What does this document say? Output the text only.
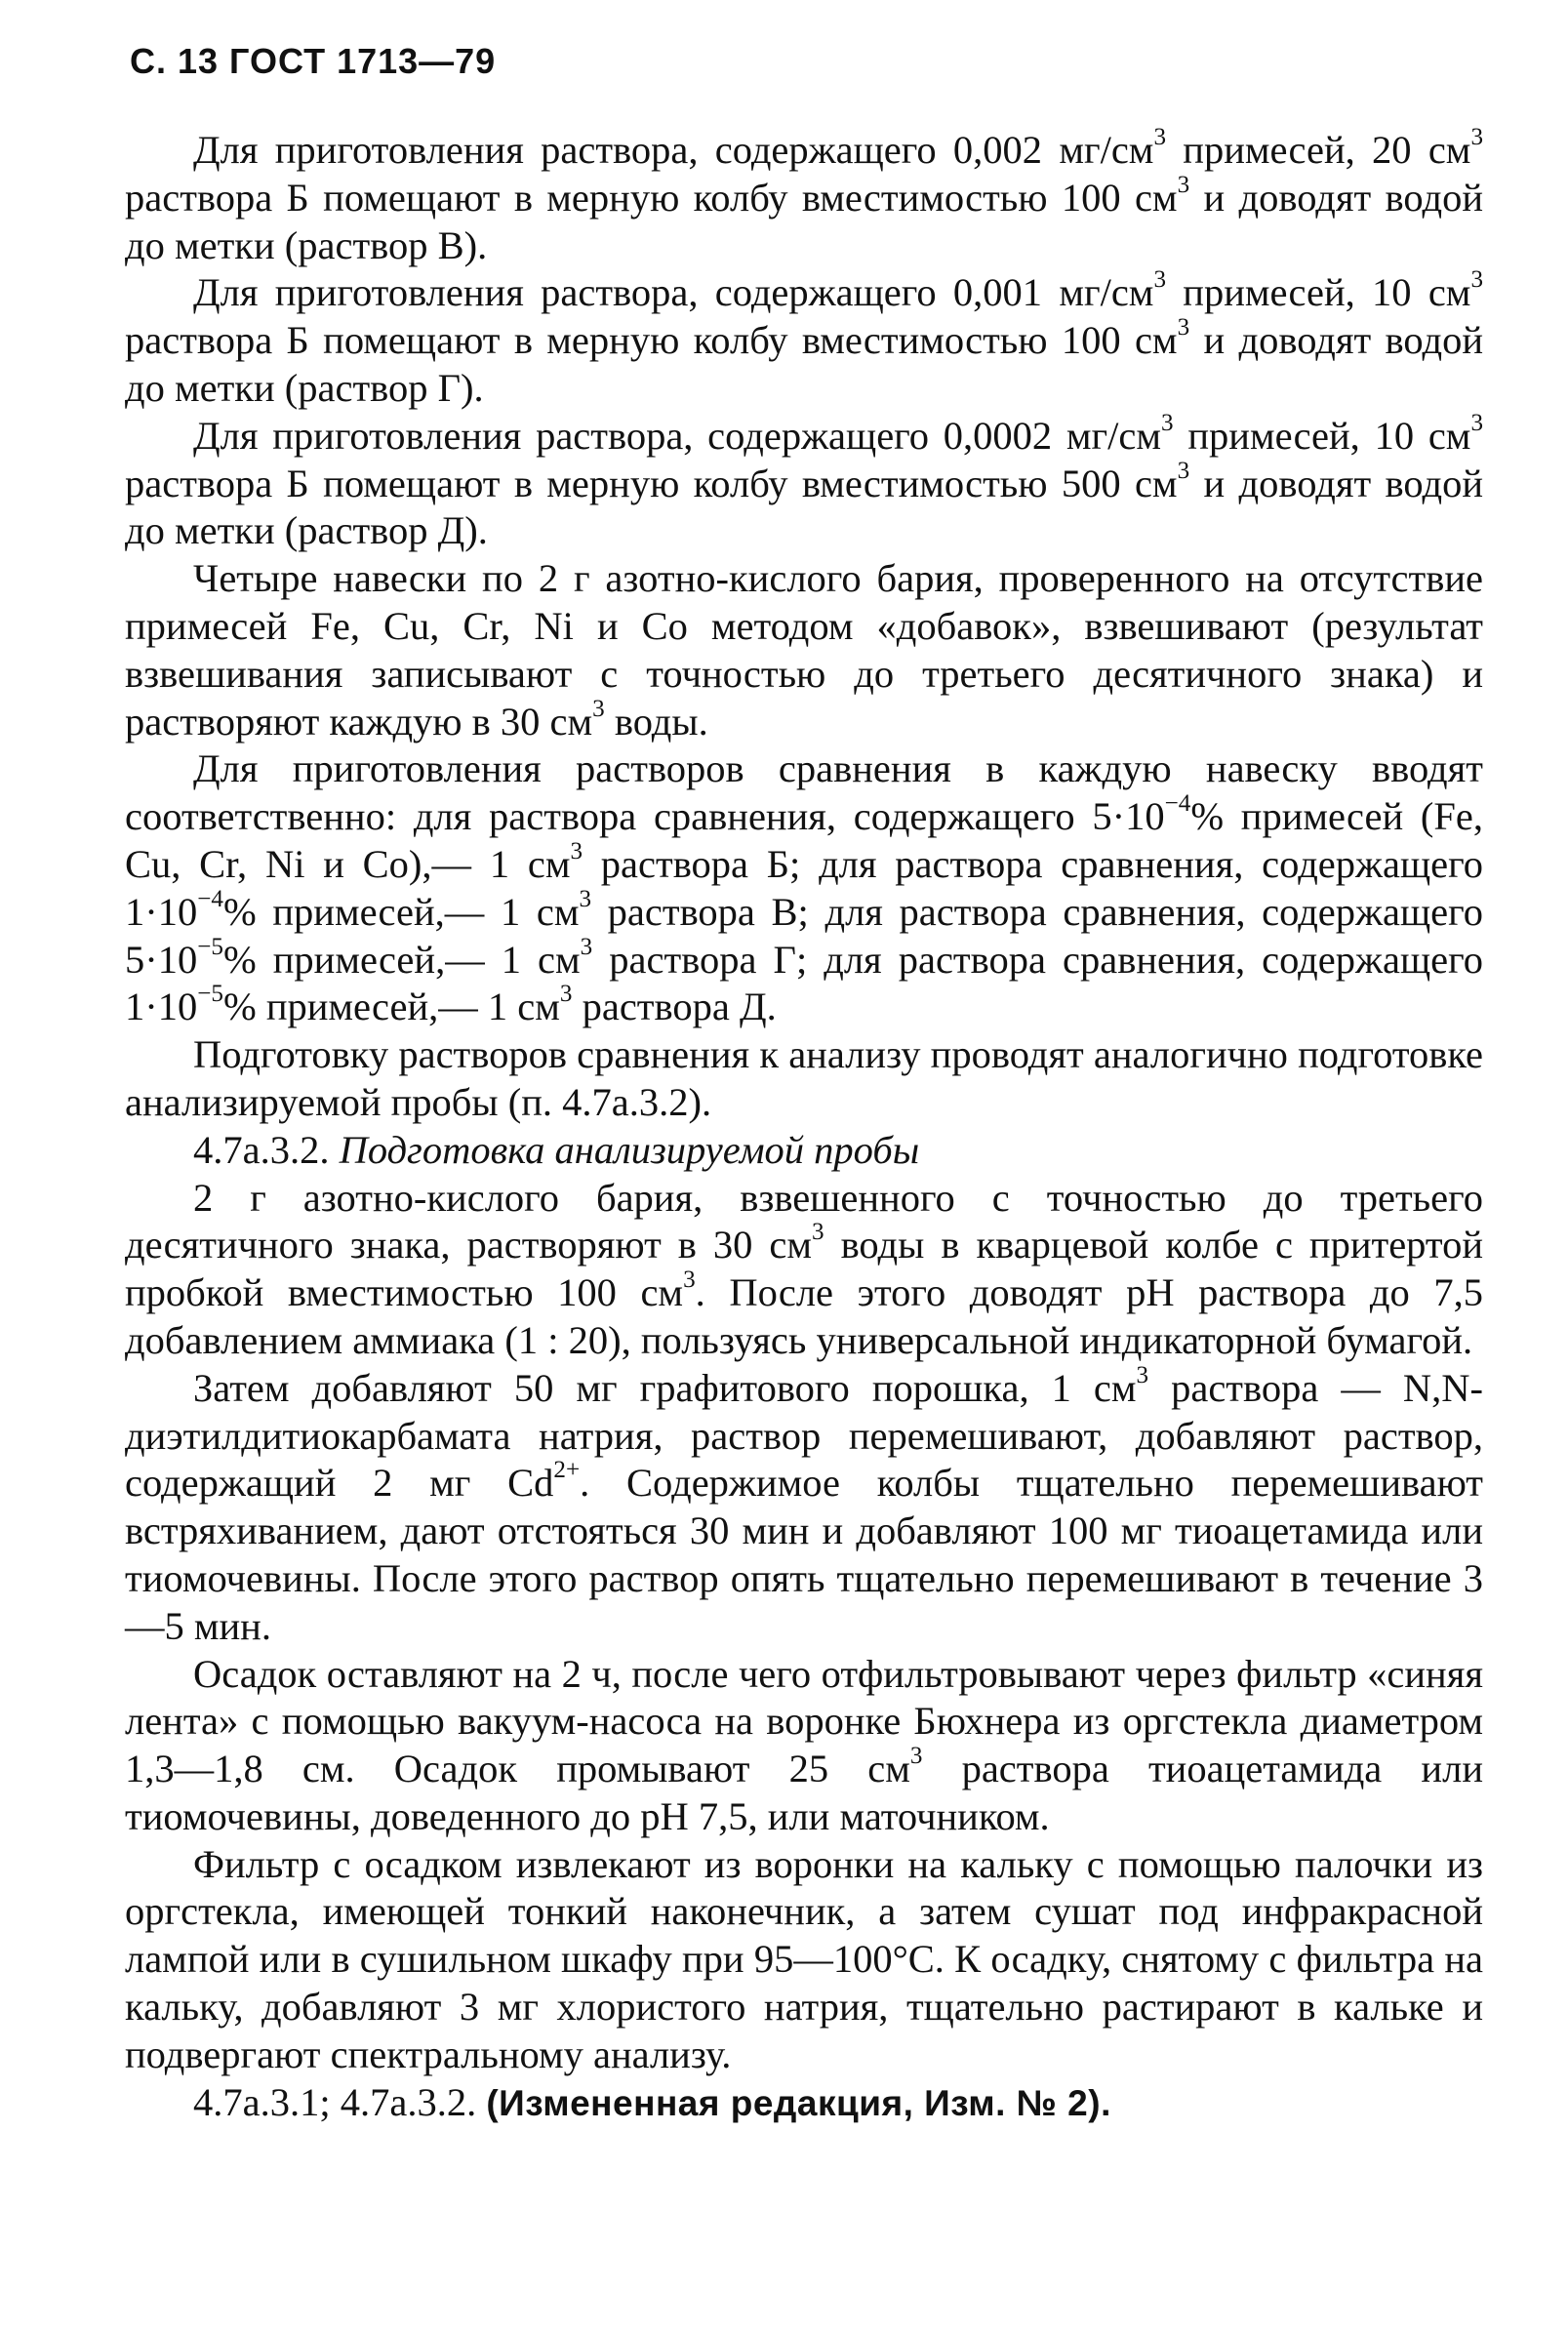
С. 13 ГОСТ 1713—79

Для приготовления раствора, содержащего 0,002 $мг/см^3$ примесей, 20 $см^3$ раствора Б помещают в мерную колбу вместимостью 100 $см^3$ и доводят водой до метки (раствор В).

Для приготовления раствора, содержащего 0,001 $мг/см^3$ примесей, 10 $см^3$ раствора Б помещают в мерную колбу вместимостью 100 $см^3$ и доводят водой до метки (раствор Г).

Для приготовления раствора, содержащего 0,0002 $мг/см^3$ примесей, 10 $см^3$ раствора Б помещают в мерную колбу вместимостью 500 $см^3$ и доводят водой до метки (раствор Д).

Четыре навески по 2 г азотно-кислого бария, проверенного на отсутствие примесей Fe, Cu, Cr, Ni и Co методом «добавок», взвешивают (результат взвешивания записывают с точностью до третьего десятичного знака) и растворяют каждую в 30 $см^3$ воды.

Для приготовления растворов сравнения в каждую навеску вводят соответственно: для раствора сравнения, содержащего $5\cdot 10^{-4}\%$ примесей (Fe, Cu, Cr, Ni и Co),— 1 $см^3$ раствора Б; для раствора сравнения, содержащего $1\cdot 10^{-4}\%$ примесей,— 1 $см^3$ раствора В; для раствора сравнения, содержащего $5\cdot 10^{-5}\%$ примесей,— 1 $см^3$ раствора Г; для раствора сравнения, содержащего $1\cdot 10^{-5}\%$ примесей,— 1 $см^3$ раствора Д.

Подготовку растворов сравнения к анализу проводят аналогично подготовке анализируемой пробы (п. 4.7а.3.2).

4.7а.3.2. Подготовка анализируемой пробы

2 г азотно-кислого бария, взвешенного с точностью до третьего десятичного знака, растворяют в 30 $см^3$ воды в кварцевой колбе с притертой пробкой вместимостью 100 $см^3$. После этого доводят pH раствора до 7,5 добавлением аммиака (1 : 20), пользуясь универсальной индикаторной бумагой.

Затем добавляют 50 мг графитового порошка, 1 $см^3$ раствора — N,N-диэтилдитиокарбамата натрия, раствор перемешивают, добавляют раствор, содержащий 2 мг $Cd^{2+}$. Содержимое колбы тщательно перемешивают встряхиванием, дают отстояться 30 мин и добавляют 100 мг тиоацетамида или тиомочевины. После этого раствор опять тщательно перемешивают в течение 3—5 мин.

Осадок оставляют на 2 ч, после чего отфильтровывают через фильтр «синяя лента» с помощью вакуум-насоса на воронке Бюхнера из оргстекла диаметром 1,3—1,8 см. Осадок промывают 25 $см^3$ раствора тиоацетамида или тиомочевины, доведенного до pH 7,5, или маточником.

Фильтр с осадком извлекают из воронки на кальку с помощью палочки из оргстекла, имеющей тонкий наконечник, а затем сушат под инфракрасной лампой или в сушильном шкафу при 95—100°C. К осадку, снятому с фильтра на кальку, добавляют 3 мг хлористого натрия, тщательно растирают в кальке и подвергают спектральному анализу.

4.7а.3.1; 4.7а.3.2. (Измененная редакция, Изм. № 2).
